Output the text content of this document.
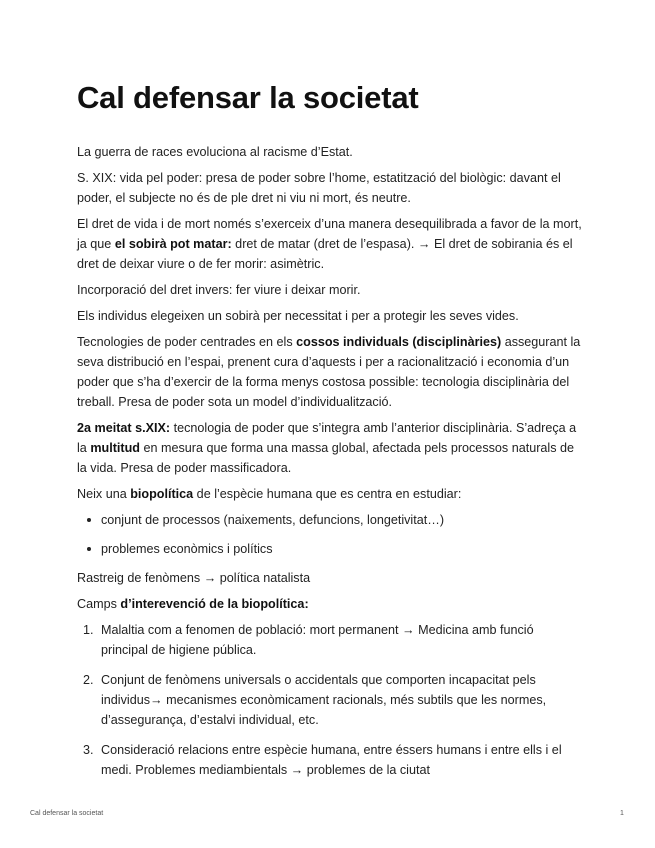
Cal defensar la societat

La guerra de races evoluciona al racisme d’Estat.

S. XIX: vida pel poder: presa de poder sobre l’home, estatització del biològic: davant el poder, el subjecte no és de ple dret ni viu ni mort, és neutre.

El dret de vida i de mort només s’exerceix d’una manera desequilibrada a favor de la mort, ja que el sobirà pot matar: dret de matar (dret de l’espasa). → El dret de sobirania és el dret de deixar viure o de fer morir: asimètric.

Incorporació del dret invers: fer viure i deixar morir.

Els individus elegeixen un sobirà per necessitat i per a protegir les seves vides.

Tecnologies de poder centrades en els cossos individuals (disciplinàries) assegurant la seva distribució en l’espai, prenent cura d’aquests i per a racionalització i economia d’un poder que s’ha d’exercir de la forma menys costosa possible: tecnologia disciplinària del treball. Presa de poder sota un model d’individualització.

2a meitat s.XIX: tecnologia de poder que s’integra amb l’anterior disciplinària. S’adreça a la multitud en mesura que forma una massa global, afectada pels processos naturals de la vida. Presa de poder massificadora.

Neix una biopolítica de l’espècie humana que es centra en estudiar:

conjunt de processos (naixements, defuncions, longetivitat…)
problemes econòmics i polítics

Rastreig de fenòmens → política natalista

Camps d’interevenció de la biopolítica:

1. Malaltia com a fenomen de població: mort permanent → Medicina amb funció principal de higiene pública.
2. Conjunt de fenòmens universals o accidentals que comporten incapacitat pels individus→ mecanismes econòmicament racionals, més subtils que les normes, d’assegurança, d’estalvi individual, etc.
3. Consideració relacions entre espècie humana, entre éssers humans i entre ells i el medi. Problemes mediambientals → problemes de la ciutat
Cal defensar la societat	1
